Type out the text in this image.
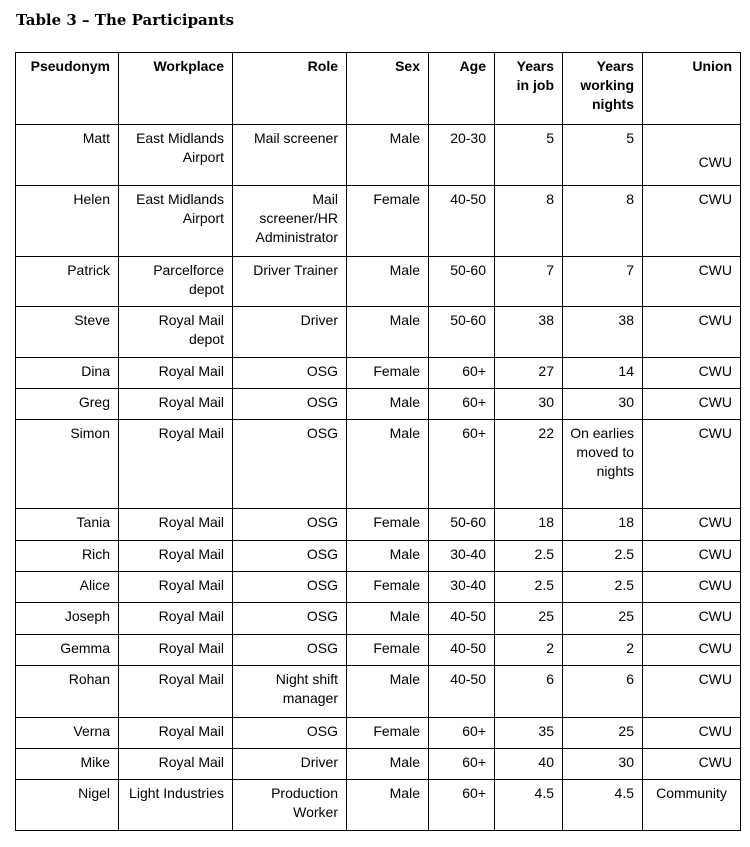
Table 3 – The Participants
Pseudonym	Workplace	Role	Sex	Age	Years in job	Years working nights	Union
Matt	East Midlands Airport	Mail screener	Male	20-30	5	5	CWU
Helen	East Midlands Airport	Mail screener/HR Administrator	Female	40-50	8	8	CWU
Patrick	Parcelforce depot	Driver Trainer	Male	50-60	7	7	CWU
Steve	Royal Mail depot	Driver	Male	50-60	38	38	CWU
Dina	Royal Mail	OSG	Female	60+	27	14	CWU
Greg	Royal Mail	OSG	Male	60+	30	30	CWU
Simon	Royal Mail	OSG	Male	60+	22	On earlies moved to nights	CWU
Tania	Royal Mail	OSG	Female	50-60	18	18	CWU
Rich	Royal Mail	OSG	Male	30-40	2.5	2.5	CWU
Alice	Royal Mail	OSG	Female	30-40	2.5	2.5	CWU
Joseph	Royal Mail	OSG	Male	40-50	25	25	CWU
Gemma	Royal Mail	OSG	Female	40-50	2	2	CWU
Rohan	Royal Mail	Night shift manager	Male	40-50	6	6	CWU
Verna	Royal Mail	OSG	Female	60+	35	25	CWU
Mike	Royal Mail	Driver	Male	60+	40	30	CWU
Nigel	Light Industries	Production Worker	Male	60+	4.5	4.5	Community
